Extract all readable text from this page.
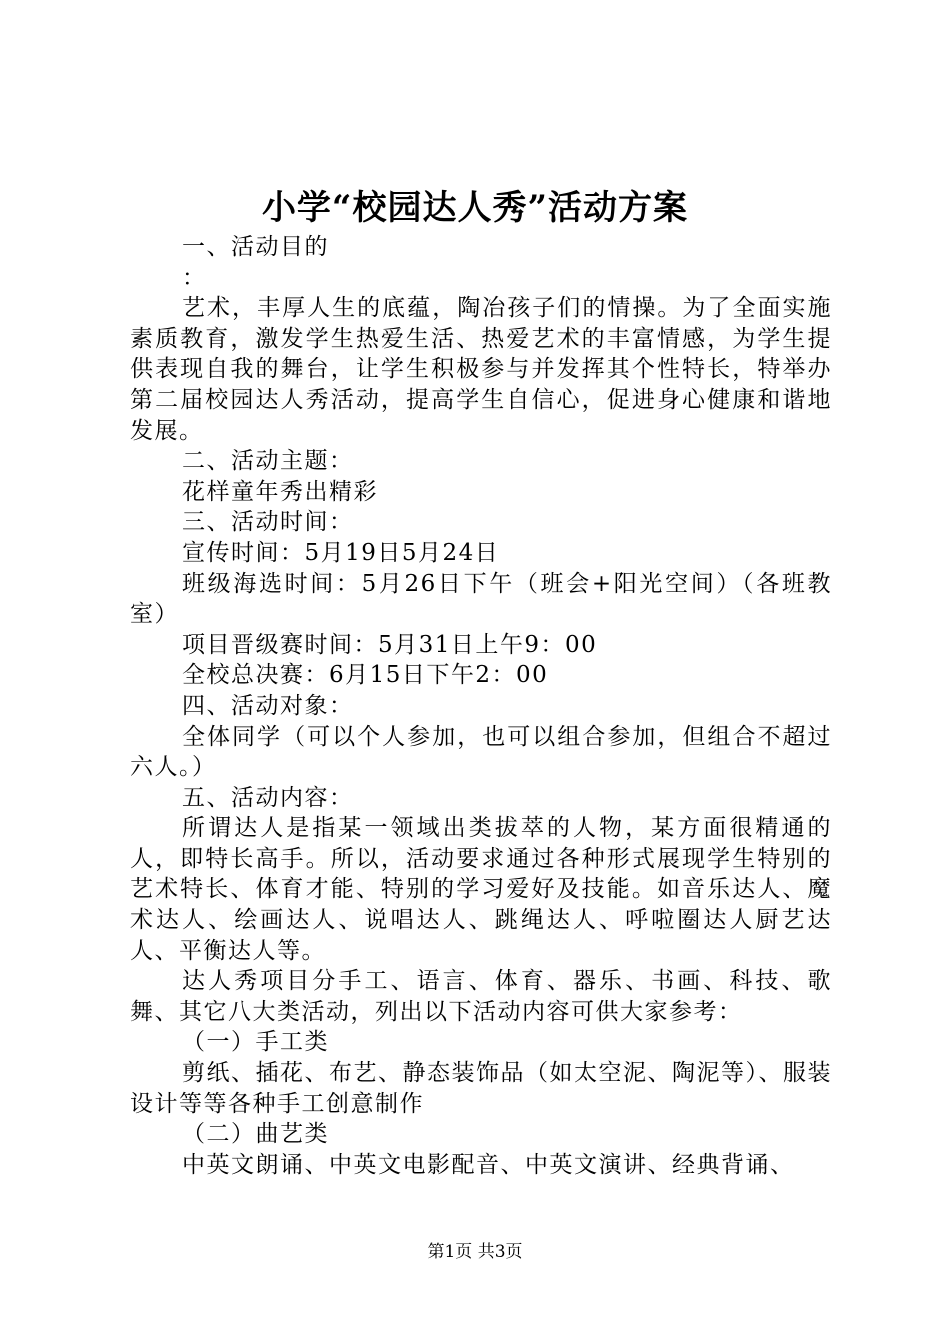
小学“校园达人秀”活动方案

一、活动目的

：

艺术，丰厚人生的底蕴，陶冶孩子们的情操。为了全面实施素质教育，激发学生热爱生活、热爱艺术的丰富情感，为学生提供表现自我的舞台，让学生积极参与并发挥其个性特长，特举办第二届校园达人秀活动，提高学生自信心，促进身心健康和谐地发展。

二、活动主题：

花样童年秀出精彩

三、活动时间：

宣传时间：5月19日5月24日

班级海选时间：5月26日下午（班会+阳光空间）（各班教室）

项目晋级赛时间：5月31日上午9：00

全校总决赛：6月15日下午2：00

四、活动对象：

全体同学（可以个人参加，也可以组合参加，但组合不超过六人。）

五、活动内容：

所谓达人是指某一领域出类拔萃的人物，某方面很精通的人，即特长高手。所以，活动要求通过各种形式展现学生特别的艺术特长、体育才能、特别的学习爱好及技能。如音乐达人、魔术达人、绘画达人、说唱达人、跳绳达人、呼啦圈达人厨艺达人、平衡达人等。

达人秀项目分手工、语言、体育、器乐、书画、科技、歌舞、其它八大类活动，列出以下活动内容可供大家参考：

（一）手工类

剪纸、插花、布艺、静态装饰品（如太空泥、陶泥等）、服装设计等等各种手工创意制作

（二）曲艺类

中英文朗诵、中英文电影配音、中英文演讲、经典背诵、

第1页 共3页
